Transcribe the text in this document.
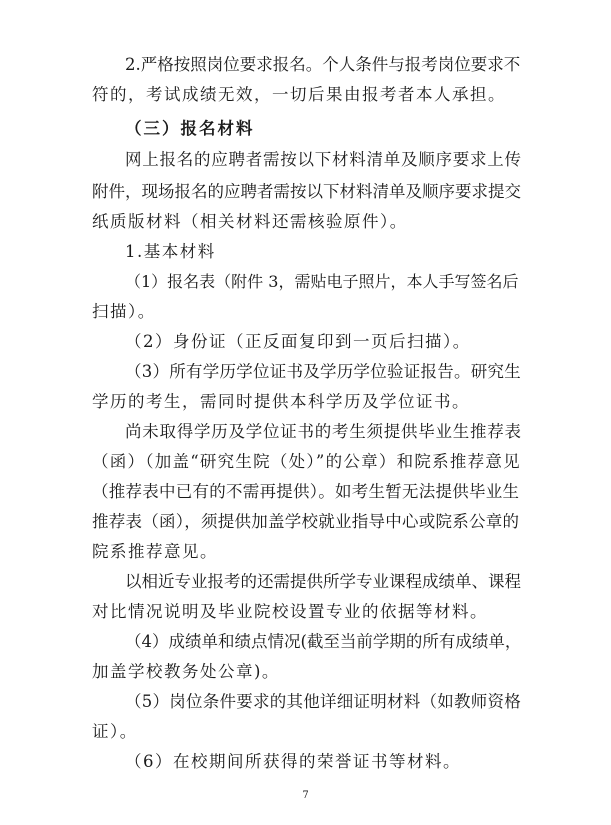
2.严格按照岗位要求报名。个人条件与报考岗位要求不
符的，考试成绩无效，一切后果由报考者本人承担。
（三）报名材料
网上报名的应聘者需按以下材料清单及顺序要求上传
附件，现场报名的应聘者需按以下材料清单及顺序要求提交
纸质版材料（相关材料还需核验原件）。
1.基本材料
（1）报名表（附件 3，需贴电子照片，本人手写签名后
扫描）。
（2）身份证（正反面复印到一页后扫描）。
（3）所有学历学位证书及学历学位验证报告。研究生
学历的考生，需同时提供本科学历及学位证书。
尚未取得学历及学位证书的考生须提供毕业生推荐表
（函）（加盖“研究生院（处）”的公章）和院系推荐意见
（推荐表中已有的不需再提供）。如考生暂无法提供毕业生
推荐表（函），须提供加盖学校就业指导中心或院系公章的
院系推荐意见。
以相近专业报考的还需提供所学专业课程成绩单、课程
对比情况说明及毕业院校设置专业的依据等材料。
（4）成绩单和绩点情况(截至当前学期的所有成绩单，
加盖学校教务处公章)。
（5）岗位条件要求的其他详细证明材料（如教师资格
证）。
（6）在校期间所获得的荣誉证书等材料。
7
